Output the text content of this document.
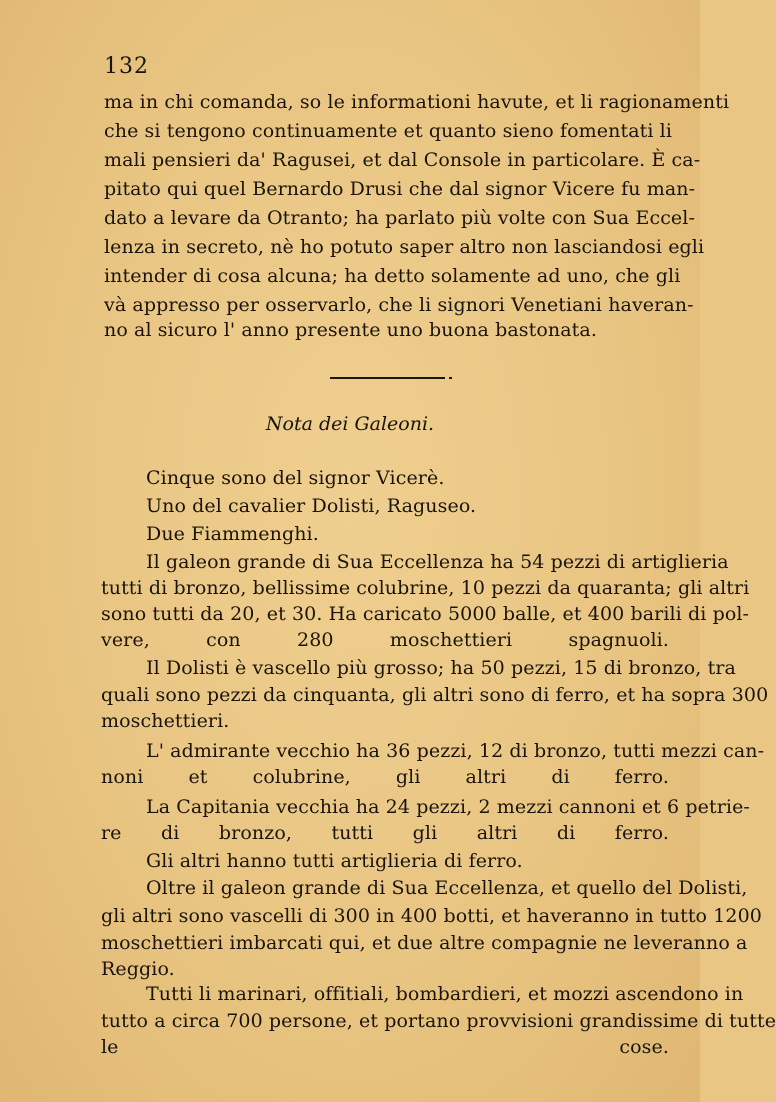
132
ma in chi comanda, so le informationi havute, et li ragionamenti
che si tengono continuamente et quanto sieno fomentati li
mali pensieri da' Ragusei, et dal Console in particolare. È ca-
pitato qui quel Bernardo Drusi che dal signor Vicere fu man-
dato a levare da Otranto; ha parlato più volte con Sua Eccel-
lenza in secreto, nè ho potuto saper altro non lasciandosi egli
intender di cosa alcuna; ha detto solamente ad uno, che gli
và appresso per osservarlo, che li signori Venetiani haveran-
no al sicuro l' anno presente uno buona bastonata.
Nota dei Galeoni.
Cinque sono del signor Vicerè.
Uno del cavalier Dolisti, Raguseo.
Due Fiammenghi.
Il galeon grande di Sua Eccellenza ha 54 pezzi di artiglieria
tutti di bronzo, bellissime colubrine, 10 pezzi da quaranta; gli altri
sono tutti da 20, et 30. Ha caricato 5000 balle, et 400 barili di pol-
vere, con 280 moschettieri spagnuoli.
Il Dolisti è vascello più grosso; ha 50 pezzi, 15 di bronzo, tra
quali sono pezzi da cinquanta, gli altri sono di ferro, et ha sopra 300
moschettieri.
L' admirante vecchio ha 36 pezzi, 12 di bronzo, tutti mezzi can-
noni et colubrine, gli altri di ferro.
La Capitania vecchia ha 24 pezzi, 2 mezzi cannoni et 6 petrie-
re di bronzo, tutti gli altri di ferro.
Gli altri hanno tutti artiglieria di ferro.
Oltre il galeon grande di Sua Eccellenza, et quello del Dolisti,
gli altri sono vascelli di 300 in 400 botti, et haveranno in tutto 1200
moschettieri imbarcati qui, et due altre compagnie ne leveranno a
Reggio.
Tutti li marinari, offitiali, bombardieri, et mozzi ascendono in
tutto a circa 700 persone, et portano provvisioni grandissime di tutte
le cose.
